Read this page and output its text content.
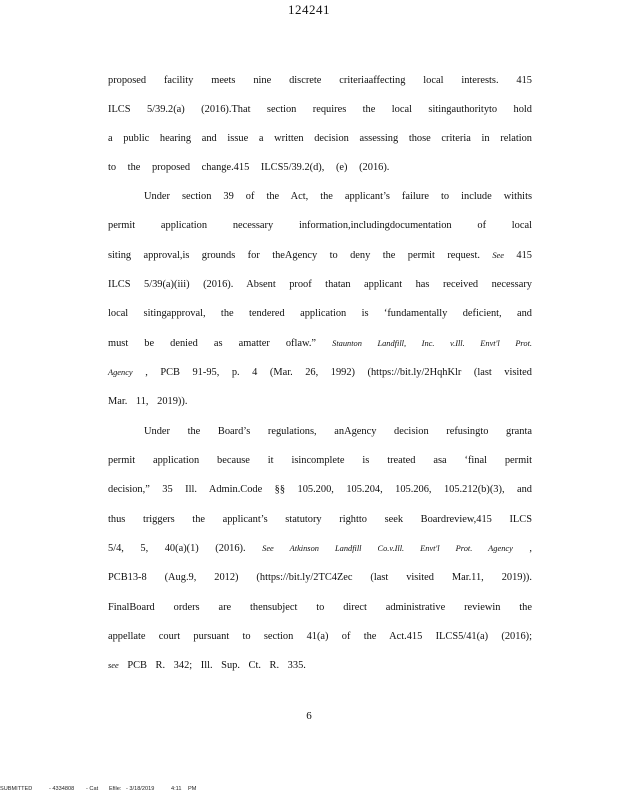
124241
proposed facility meets nine discrete criteriaaffecting local interests. 415
ILCS 5/39.2(a) (2016).That section requires the local sitingauthorityto hold
a public hearing and issue a written decision assessing those criteria in relation
to the proposed change.415 ILCS5/39.2(d), (e) (2016).
Under section 39 of the Act, the applicant’s failure to include withits
permit application necessary information,includingdocumentation of local
siting approval,is grounds for theAgency to deny the permit request. See 415
ILCS 5/39(a)(iii) (2016). Absent proof thatan applicant has received necessary
local sitingapproval, the tendered application is ‘fundamentally deficient, and
must be denied as amatter oflaw.” Staunton Landfill, Inc. v.Ill. Envt'l Prot.
Agency , PCB 91-95, p. 4 (Mar. 26, 1992) (https://bit.ly/2HqhKlr (last visited
Mar. 11, 2019)).
Under the Board’s regulations, anAgency decision refusingto granta
permit application because it isincomplete is treated asa ‘final permit
decision,” 35 Ill. Admin.Code §§ 105.200, 105.204, 105.206, 105.212(b)(3), and
thus triggers the applicant’s statutory rightto seek Boardreview,415 ILCS
5/4, 5, 40(a)(1) (2016). See Atkinson Landfill Co.v.Ill. Envt'l Prot. Agency ,
PCB13-8 (Aug.9, 2012) (https://bit.ly/2TC4Zec (last visited Mar.11, 2019)).
FinalBoard orders are thensubject to direct administrative reviewin the
appellate court pursuant to section 41(a) of the Act.415 ILCS5/41(a) (2016);
see PCB R. 342; Ill. Sup. Ct. R. 335.
6
SUBMITTED	- 4334808 - Cat Efile: - 3/18/2019	4:11 PM
